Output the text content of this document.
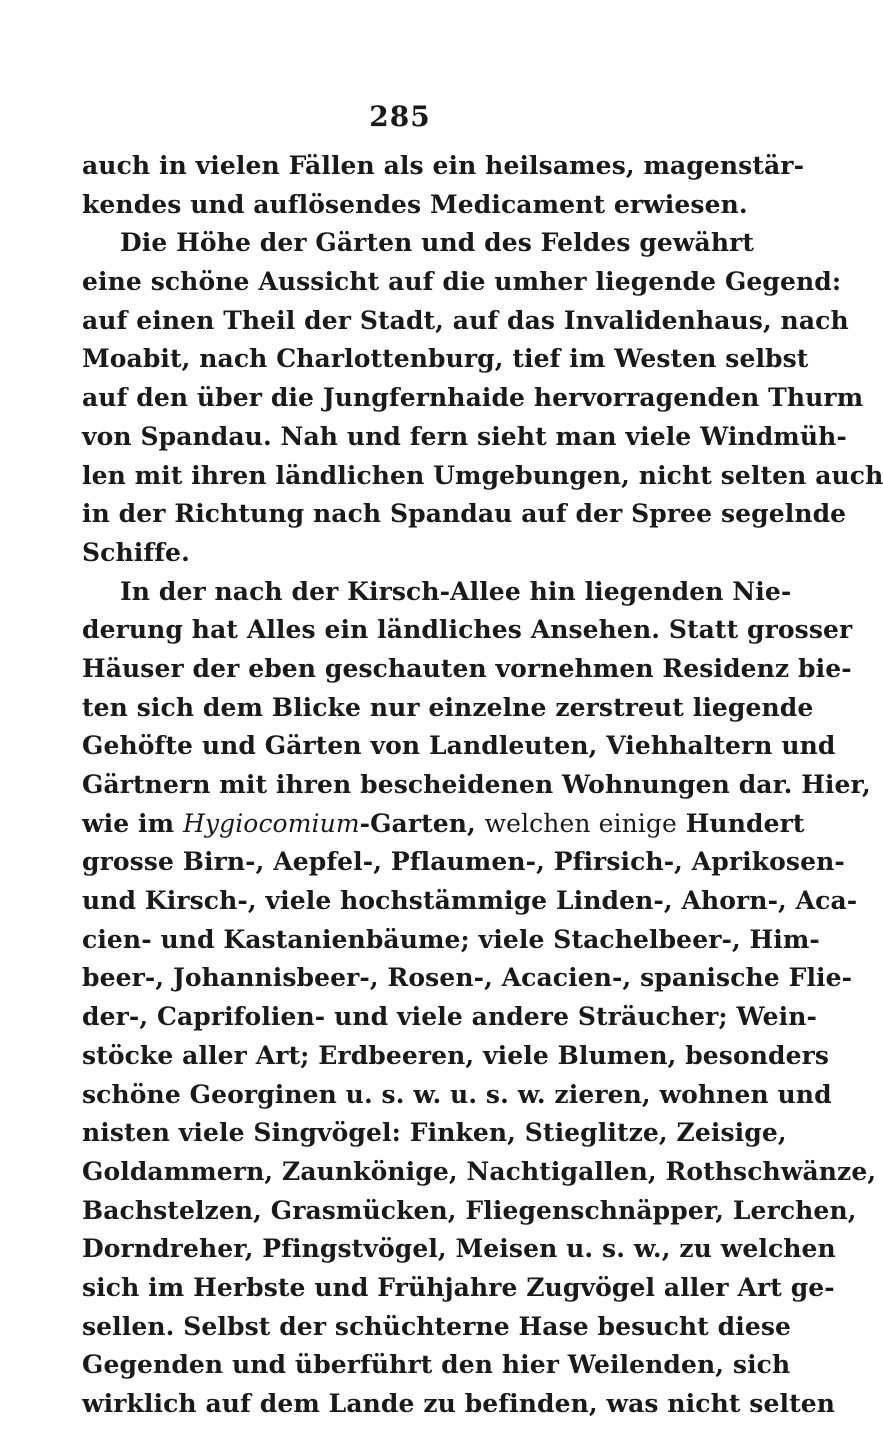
285
auch in vielen Fällen als ein heilsames, magenstär-
kendes und auflösendes Medicament erwiesen.
Die Höhe der Gärten und des Feldes gewährt
eine schöne Aussicht auf die umher liegende Gegend:
auf einen Theil der Stadt, auf das Invalidenhaus, nach
Moabit, nach Charlottenburg, tief im Westen selbst
auf den über die Jungfernhaide hervorragenden Thurm
von Spandau. Nah und fern sieht man viele Windmüh-
len mit ihren ländlichen Umgebungen, nicht selten auch
in der Richtung nach Spandau auf der Spree segelnde
Schiffe.
In der nach der Kirsch-Allee hin liegenden Nie-
derung hat Alles ein ländliches Ansehen. Statt grosser
Häuser der eben geschauten vornehmen Residenz bie-
ten sich dem Blicke nur einzelne zerstreut liegende
Gehöfte und Gärten von Landleuten, Viehhaltern und
Gärtnern mit ihren bescheidenen Wohnungen dar. Hier,
wie im Hygiocomium-Garten, welchen einige Hundert
grosse Birn-, Aepfel-, Pflaumen-, Pfirsich-, Aprikosen-
und Kirsch-, viele hochstämmige Linden-, Ahorn-, Aca-
cien- und Kastanienbäume; viele Stachelbeer-, Him-
beer-, Johannisbeer-, Rosen-, Acacien-, spanische Flie-
der-, Caprifolien- und viele andere Sträucher; Wein-
stöcke aller Art; Erdbeeren, viele Blumen, besonders
schöne Georginen u. s. w. u. s. w. zieren, wohnen und
nisten viele Singvögel: Finken, Stieglitze, Zeisige,
Goldammern, Zaunkönige, Nachtigallen, Rothschwänze,
Bachstelzen, Grasmücken, Fliegenschnäpper, Lerchen,
Dorndreher, Pfingstvögel, Meisen u. s. w., zu welchen
sich im Herbste und Frühjahre Zugvögel aller Art ge-
sellen. Selbst der schüchterne Hase besucht diese
Gegenden und überführt den hier Weilenden, sich
wirklich auf dem Lande zu befinden, was nicht selten
